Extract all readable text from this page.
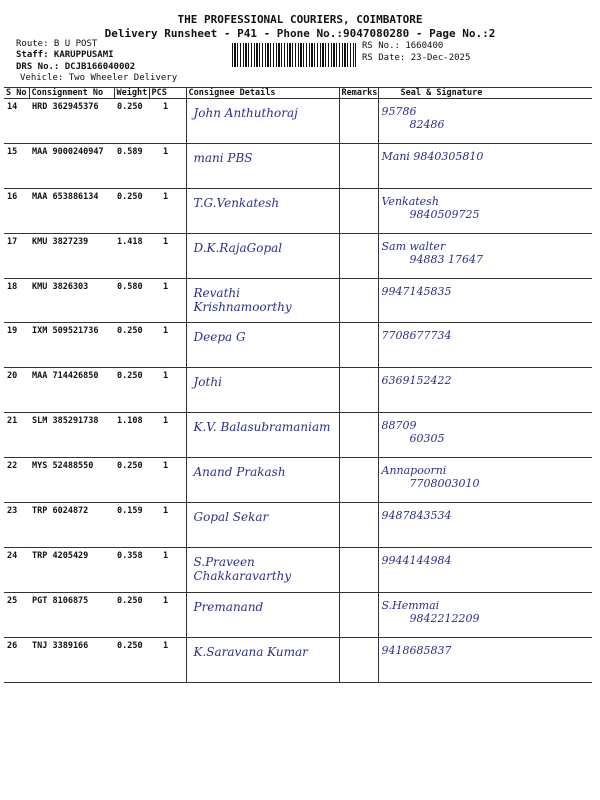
THE PROFESSIONAL COURIERS, COIMBATORE
Delivery Runsheet - P41 - Phone No.:9047080280 - Page No.:2
Route: B U POST
Staff: KARUPPUSAMI
DRS No.: DCJB166040002
Vehicle: Two Wheeler Delivery
RS No.: 1660400
RS Date: 23-Dec-2025
S No	Consignment No	Weight	PCS	Consignee Details	Remarks	Seal & Signature
14	HRD 362945376	0.250	1	John Anthuthoraj		95786
82486

15	MAA 9000240947	0.589	1	mani PBS		Mani 9840305810

16	MAA 653886134	0.250	1	T.G.Venkatesh		Venkatesh
9840509725

17	KMU 3827239	1.418	1	D.K.RajaGopal		Sam walter
94883 17647

18	KMU 3826303	0.580	1	Revathi Krishnamoorthy		9947145835

19	IXM 509521736	0.250	1	Deepa G		7708677734

20	MAA 714426850	0.250	1	Jothi		6369152422

21	SLM 385291738	1.108	1	K.V. Balasubramaniam		88709
60305

22	MYS 52488550	0.250	1	Anand Prakash		Annapoorni
7708003010

23	TRP 6024872	0.159	1	Gopal Sekar		9487843534

24	TRP 4205429	0.358	1	S.Praveen Chakkaravarthy		9944144984

25	PGT 8106875	0.250	1	Premanand		S.Hemmai
9842212209

26	TNJ 3389166	0.250	1	K.Saravana Kumar		9418685837
